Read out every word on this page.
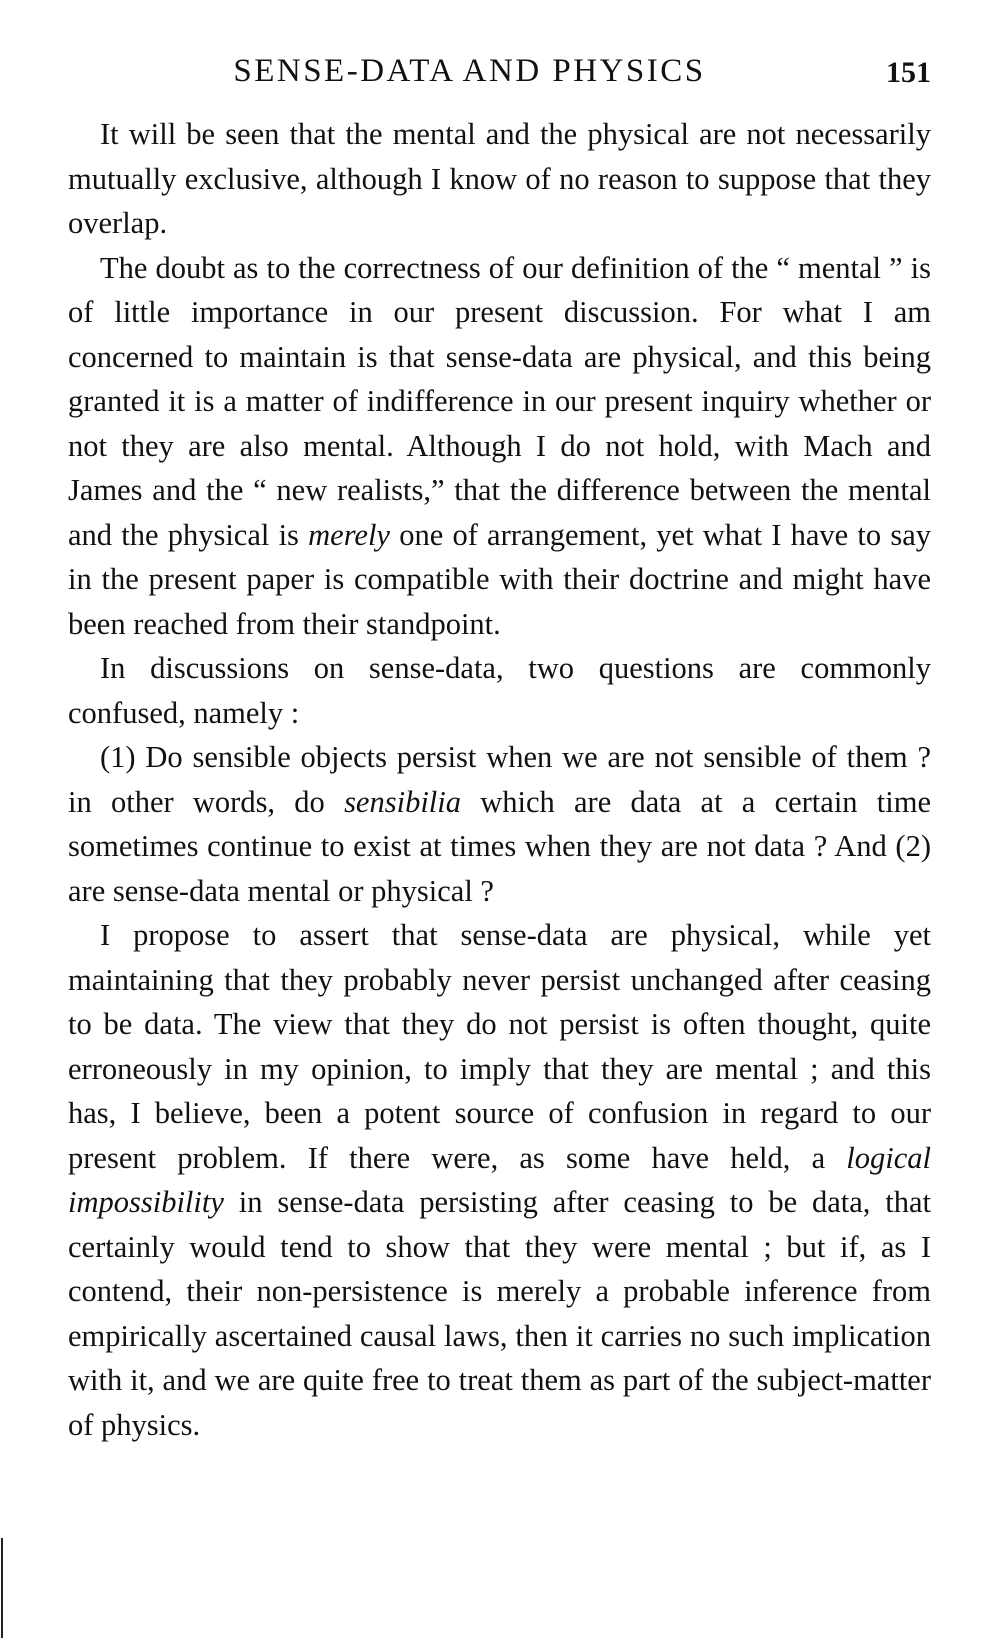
SENSE-DATA AND PHYSICS	151

It will be seen that the mental and the physical are not necessarily mutually exclusive, although I know of no reason to suppose that they overlap.

The doubt as to the correctness of our definition of the “ mental ” is of little importance in our present discussion. For what I am concerned to maintain is that sense-data are physical, and this being granted it is a matter of indifference in our present inquiry whether or not they are also mental. Although I do not hold, with Mach and James and the “ new realists,” that the difference between the mental and the physical is merely one of arrangement, yet what I have to say in the present paper is compatible with their doctrine and might have been reached from their standpoint.

In discussions on sense-data, two questions are commonly confused, namely :

(1) Do sensible objects persist when we are not sensible of them ? in other words, do sensibilia which are data at a certain time sometimes continue to exist at times when they are not data ? And (2) are sense-data mental or physical ?

I propose to assert that sense-data are physical, while yet maintaining that they probably never persist unchanged after ceasing to be data. The view that they do not persist is often thought, quite erroneously in my opinion, to imply that they are mental ; and this has, I believe, been a potent source of confusion in regard to our present problem. If there were, as some have held, a logical impossibility in sense-data persisting after ceasing to be data, that certainly would tend to show that they were mental ; but if, as I contend, their non-persistence is merely a probable inference from empirically ascertained causal laws, then it carries no such implication with it, and we are quite free to treat them as part of the subject-matter of physics.
